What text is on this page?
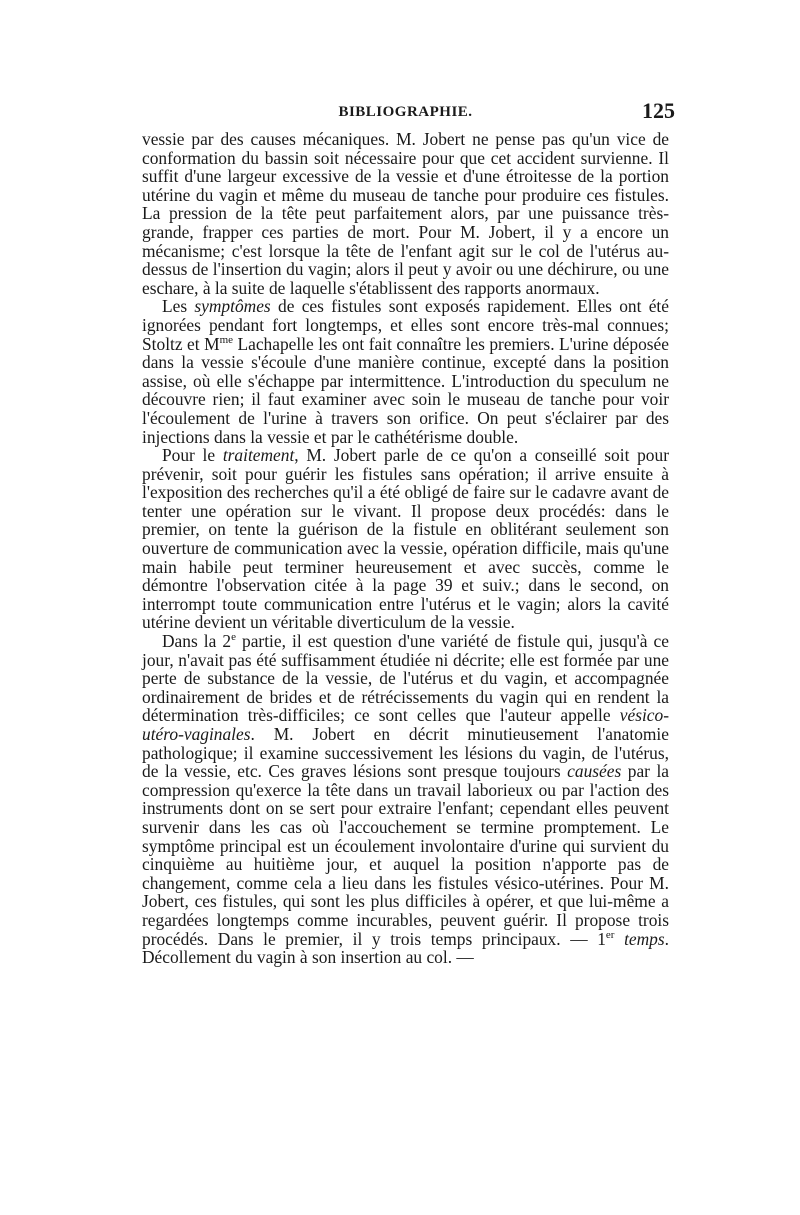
BIBLIOGRAPHIE.	125

vessie par des causes mécaniques. M. Jobert ne pense pas qu'un vice de conformation du bassin soit nécessaire pour que cet accident survienne. Il suffit d'une largeur excessive de la vessie et d'une étroitesse de la portion utérine du vagin et même du museau de tanche pour produire ces fistules. La pression de la tête peut parfaitement alors, par une puissance très-grande, frapper ces parties de mort. Pour M. Jobert, il y a encore un mécanisme; c'est lorsque la tête de l'enfant agit sur le col de l'utérus au-dessus de l'insertion du vagin; alors il peut y avoir ou une déchirure, ou une eschare, à la suite de laquelle s'établissent des rapports anormaux.

Les symptômes de ces fistules sont exposés rapidement. Elles ont été ignorées pendant fort longtemps, et elles sont encore très-mal connues; Stoltz et $M^{me}$ Lachapelle les ont fait connaître les premiers. L'urine déposée dans la vessie s'écoule d'une manière continue, excepté dans la position assise, où elle s'échappe par intermittence. L'introduction du speculum ne découvre rien; il faut examiner avec soin le museau de tanche pour voir l'écoulement de l'urine à travers son orifice. On peut s'éclairer par des injections dans la vessie et par le cathétérisme double.

Pour le traitement, M. Jobert parle de ce qu'on a conseillé soit pour prévenir, soit pour guérir les fistules sans opération; il arrive ensuite à l'exposition des recherches qu'il a été obligé de faire sur le cadavre avant de tenter une opération sur le vivant. Il propose deux procédés: dans le premier, on tente la guérison de la fistule en oblitérant seulement son ouverture de communication avec la vessie, opération difficile, mais qu'une main habile peut terminer heureusement et avec succès, comme le démontre l'observation citée à la page 39 et suiv.; dans le second, on interrompt toute communication entre l'utérus et le vagin; alors la cavité utérine devient un véritable diverticulum de la vessie.

Dans la 2e partie, il est question d'une variété de fistule qui, jusqu'à ce jour, n'avait pas été suffisamment étudiée ni décrite; elle est formée par une perte de substance de la vessie, de l'utérus et du vagin, et accompagnée ordinairement de brides et de rétrécissements du vagin qui en rendent la détermination très-difficiles; ce sont celles que l'auteur appelle vésico-utéro-vaginales. M. Jobert en décrit minutieusement l'anatomie pathologique; il examine successivement les lésions du vagin, de l'utérus, de la vessie, etc. Ces graves lésions sont presque toujours causées par la compression qu'exerce la tête dans un travail laborieux ou par l'action des instruments dont on se sert pour extraire l'enfant; cependant elles peuvent survenir dans les cas où l'accouchement se termine promptement. Le symptôme principal est un écoulement involontaire d'urine qui survient du cinquième au huitième jour, et auquel la position n'apporte pas de changement, comme cela a lieu dans les fistules vésico-utérines. Pour M. Jobert, ces fistules, qui sont les plus difficiles à opérer, et que lui-même a regardées longtemps comme incurables, peuvent guérir. Il propose trois procédés. Dans le premier, il y trois temps principaux. — 1er temps. Décollement du vagin à son insertion au col. —
